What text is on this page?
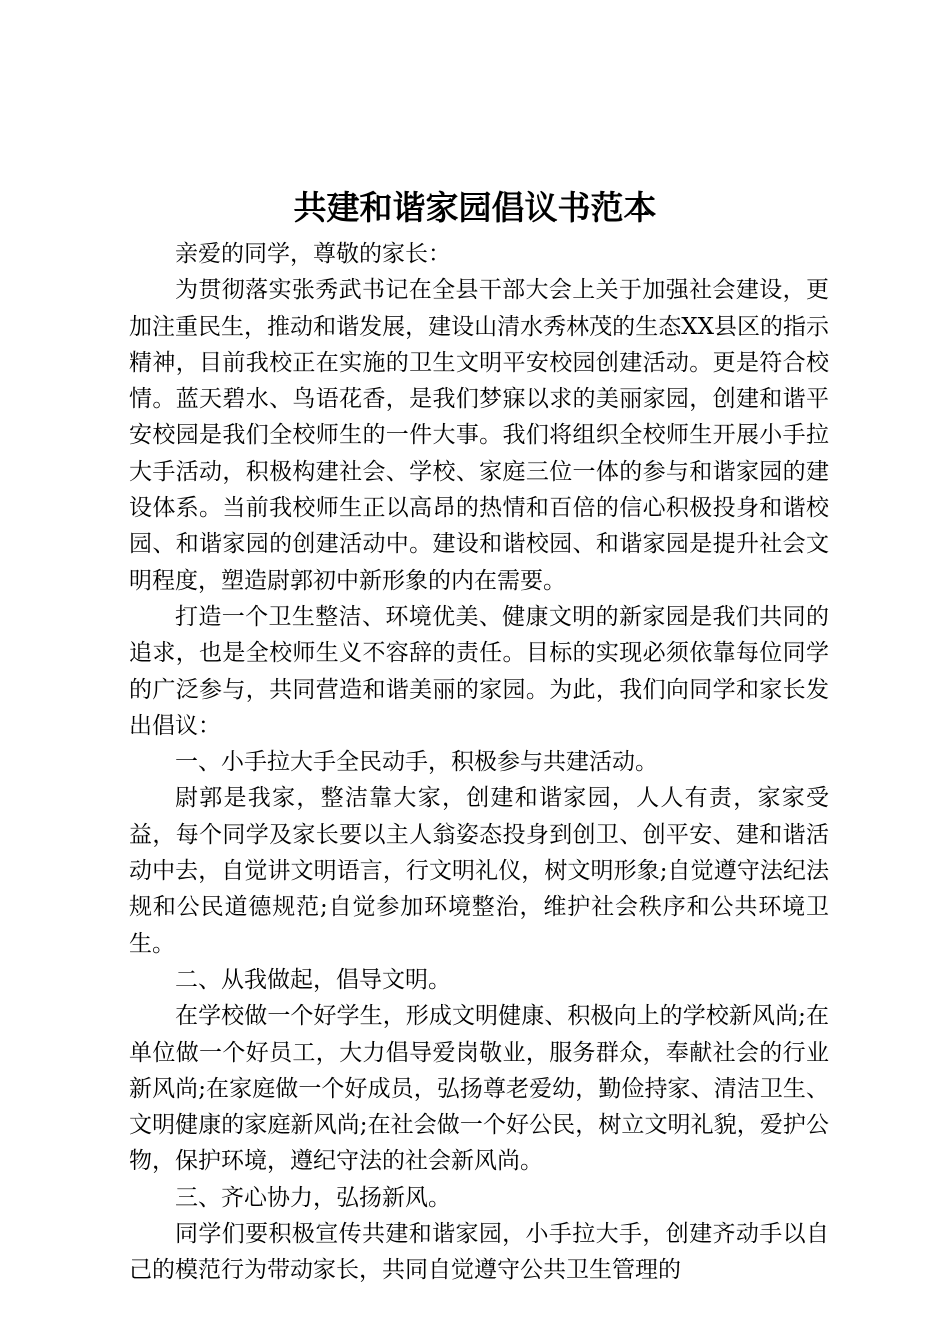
共建和谐家园倡议书范本

亲爱的同学，尊敬的家长：

为贯彻落实张秀武书记在全县干部大会上关于加强社会建设，更加注重民生，推动和谐发展，建设山清水秀林茂的生态XX县区的指示精神，目前我校正在实施的卫生文明平安校园创建活动。更是符合校情。蓝天碧水、鸟语花香，是我们梦寐以求的美丽家园，创建和谐平安校园是我们全校师生的一件大事。我们将组织全校师生开展小手拉大手活动，积极构建社会、学校、家庭三位一体的参与和谐家园的建设体系。当前我校师生正以高昂的热情和百倍的信心积极投身和谐校园、和谐家园的创建活动中。建设和谐校园、和谐家园是提升社会文明程度，塑造尉郭初中新形象的内在需要。

打造一个卫生整洁、环境优美、健康文明的新家园是我们共同的追求，也是全校师生义不容辞的责任。目标的实现必须依靠每位同学的广泛参与，共同营造和谐美丽的家园。为此，我们向同学和家长发出倡议：

一、小手拉大手全民动手，积极参与共建活动。

尉郭是我家，整洁靠大家，创建和谐家园，人人有责，家家受益，每个同学及家长要以主人翁姿态投身到创卫、创平安、建和谐活动中去，自觉讲文明语言，行文明礼仪，树文明形象;自觉遵守法纪法规和公民道德规范;自觉参加环境整治，维护社会秩序和公共环境卫生。

二、从我做起，倡导文明。

在学校做一个好学生，形成文明健康、积极向上的学校新风尚;在单位做一个好员工，大力倡导爱岗敬业，服务群众，奉献社会的行业新风尚;在家庭做一个好成员，弘扬尊老爱幼，勤俭持家、清洁卫生、文明健康的家庭新风尚;在社会做一个好公民，树立文明礼貌，爱护公物，保护环境，遵纪守法的社会新风尚。

三、齐心协力，弘扬新风。

同学们要积极宣传共建和谐家园，小手拉大手，创建齐动手以自己的模范行为带动家长，共同自觉遵守公共卫生管理的
